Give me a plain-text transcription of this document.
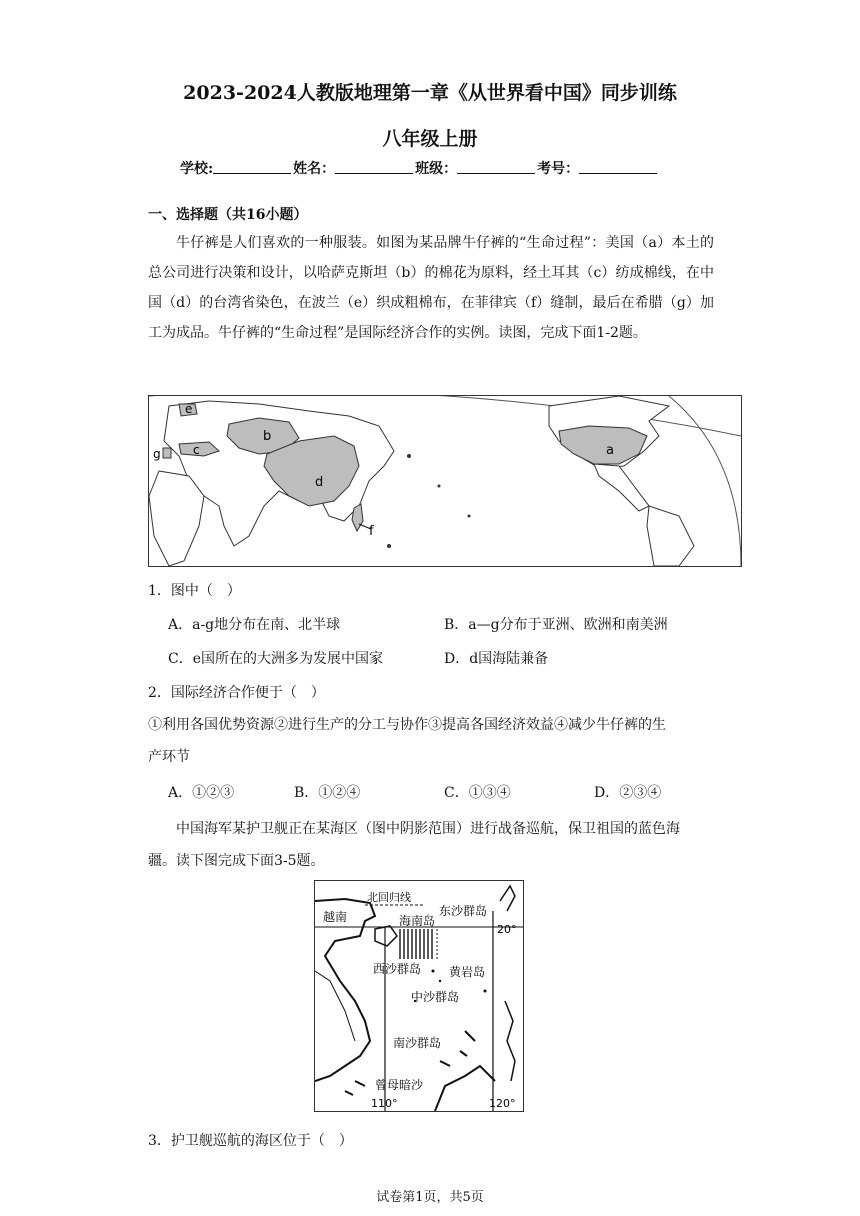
2023-2024人教版地理第一章《从世界看中国》同步训练
八年级上册
学校:	姓名：	班级：	考号：
一、选择题（共16小题）
牛仔裤是人们喜欢的一种服装。如图为某品牌牛仔裤的“生命过程”：美国（a）本土的总公司进行决策和设计，以哈萨克斯坦（b）的棉花为原料，经土耳其（c）纺成棉线，在中国（d）的台湾省染色，在波兰（e）织成粗棉布，在菲律宾（f）缝制，最后在希腊（g）加工为成品。牛仔裤的“生命过程”是国际经济合作的实例。读图，完成下面1-2题。
e
b
c
g
d
f
a
1．图中（　）
A．a-g地分布在南、北半球	B．a—g分布于亚洲、欧洲和南美洲
C．e国所在的大洲多为发展中国家	D．d国海陆兼备
2．国际经济合作便于（　）
①利用各国优势资源②进行生产的分工与协作③提高各国经济效益④减少牛仔裤的生
产环节
A．①②③	B．①②④	C．①③④	D．②③④
中国海军某护卫舰正在某海区（图中阴影范围）进行战备巡航，保卫祖国的蓝色海
疆。读下图完成下面3-5题。
越南
北回归线
海南岛
东沙群岛
20°
西沙群岛 黄岩岛
中沙群岛
南沙群岛
曾母暗沙
110°	120°
3．护卫舰巡航的海区位于（　）
试卷第1页，共5页
